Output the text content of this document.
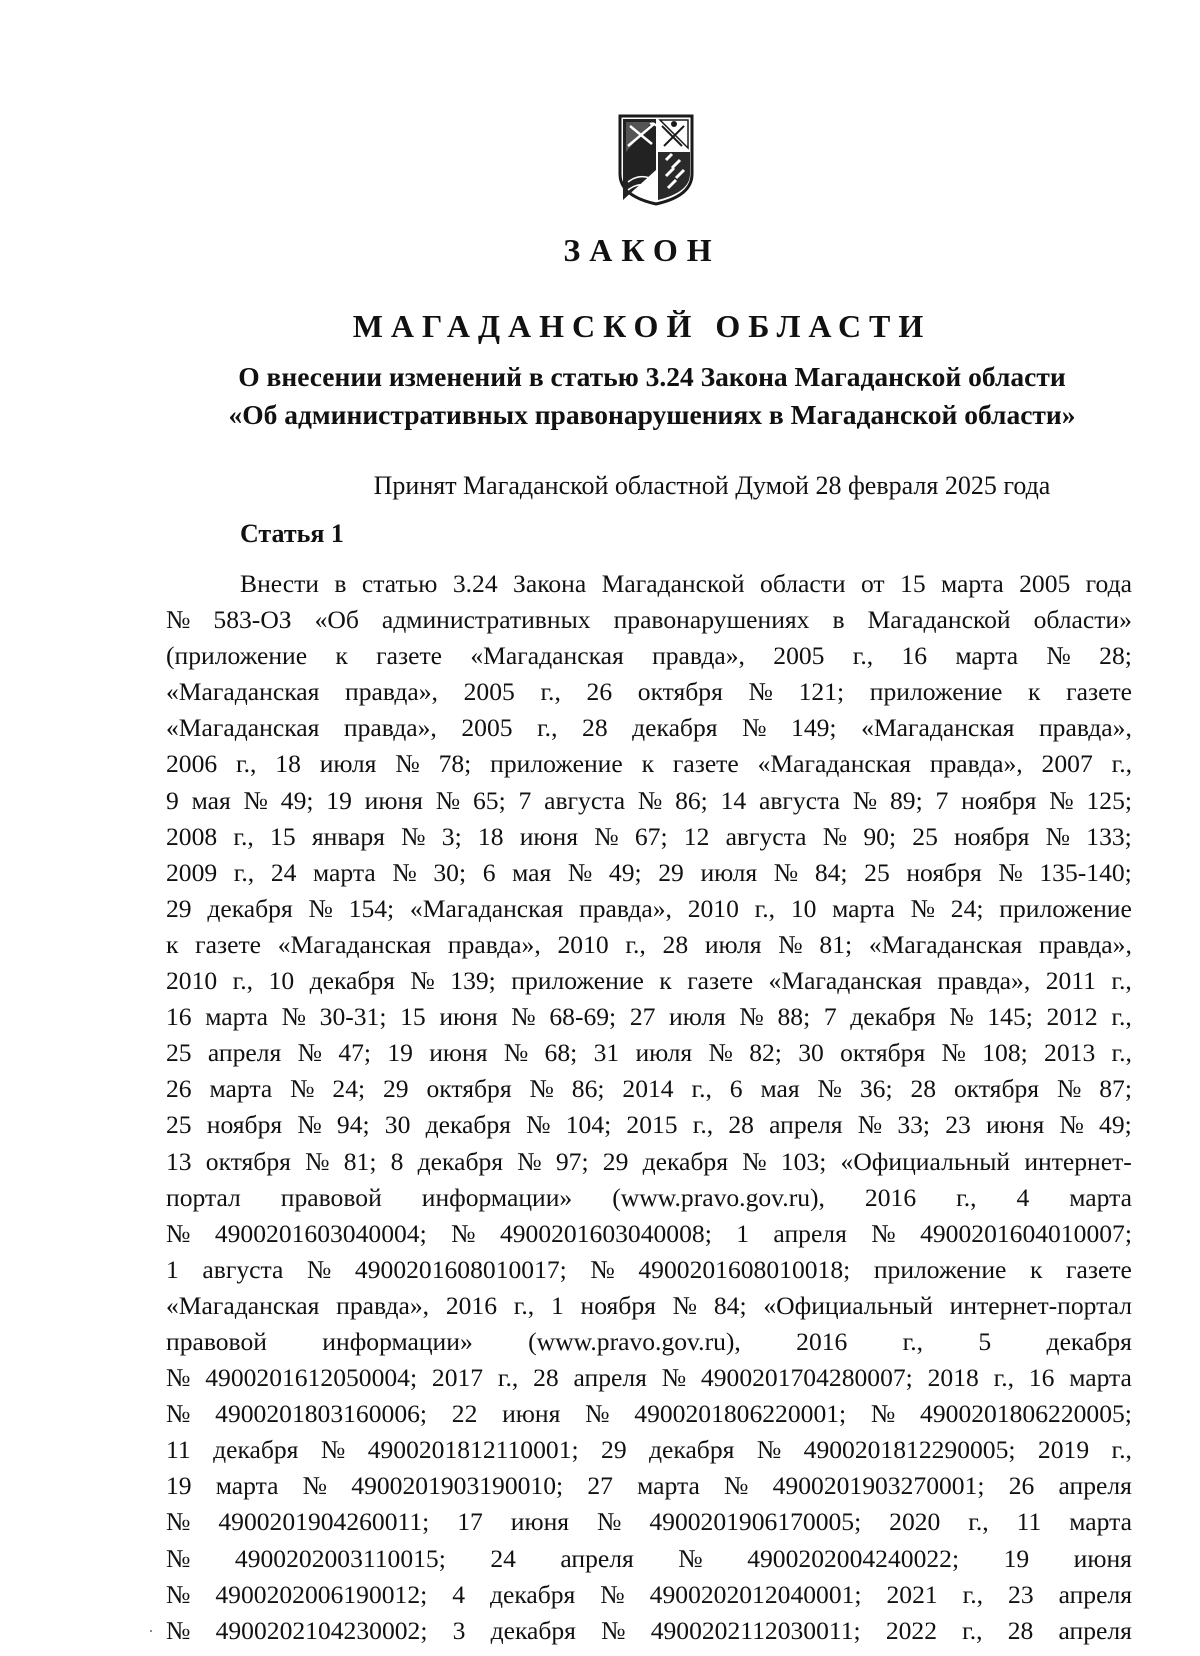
ЗАКОН
МАГАДАНСКОЙ ОБЛАСТИ
О внесении изменений в статью 3.24 Закона Магаданской области
«Об административных правонарушениях в Магаданской области»
Принят Магаданской областной Думой 28 февраля 2025 года
Статья 1
Внести в статью 3.24 Закона Магаданской области от 15 марта 2005 года
№ 583-ОЗ «Об административных правонарушениях в Магаданской области»
(приложение к газете «Магаданская правда», 2005 г., 16 марта № 28;
«Магаданская правда», 2005 г., 26 октября № 121; приложение к газете
«Магаданская правда», 2005 г., 28 декабря № 149; «Магаданская правда»,
2006 г., 18 июля № 78; приложение к газете «Магаданская правда», 2007 г.,
9 мая № 49; 19 июня № 65; 7 августа № 86; 14 августа № 89; 7 ноября № 125;
2008 г., 15 января № 3; 18 июня № 67; 12 августа № 90; 25 ноября № 133;
2009 г., 24 марта № 30; 6 мая № 49; 29 июля № 84; 25 ноября № 135-140;
29 декабря № 154; «Магаданская правда», 2010 г., 10 марта № 24; приложение
к газете «Магаданская правда», 2010 г., 28 июля № 81; «Магаданская правда»,
2010 г., 10 декабря № 139; приложение к газете «Магаданская правда», 2011 г.,
16 марта № 30-31; 15 июня № 68-69; 27 июля № 88; 7 декабря № 145; 2012 г.,
25 апреля № 47; 19 июня № 68; 31 июля № 82; 30 октября № 108; 2013 г.,
26 марта № 24; 29 октября № 86; 2014 г., 6 мая № 36; 28 октября № 87;
25 ноября № 94; 30 декабря № 104; 2015 г., 28 апреля № 33; 23 июня № 49;
13 октября № 81; 8 декабря № 97; 29 декабря № 103; «Официальный интернет-
портал правовой информации» (www.pravo.gov.ru), 2016 г., 4 марта
№ 4900201603040004; № 4900201603040008; 1 апреля № 4900201604010007;
1 августа № 4900201608010017; № 4900201608010018; приложение к газете
«Магаданская правда», 2016 г., 1 ноября № 84; «Официальный интернет-портал
правовой информации» (www.pravo.gov.ru), 2016 г., 5 декабря
№ 4900201612050004; 2017 г., 28 апреля № 4900201704280007; 2018 г., 16 марта
№ 4900201803160006; 22 июня № 4900201806220001; № 4900201806220005;
11 декабря № 4900201812110001; 29 декабря № 4900201812290005; 2019 г.,
19 марта № 4900201903190010; 27 марта № 4900201903270001; 26 апреля
№ 4900201904260011; 17 июня № 4900201906170005; 2020 г., 11 марта
№ 4900202003110015; 24 апреля № 4900202004240022; 19 июня
№ 4900202006190012; 4 декабря № 4900202012040001; 2021 г., 23 апреля
№ 4900202104230002; 3 декабря № 4900202112030011; 2022 г., 28 апреля
